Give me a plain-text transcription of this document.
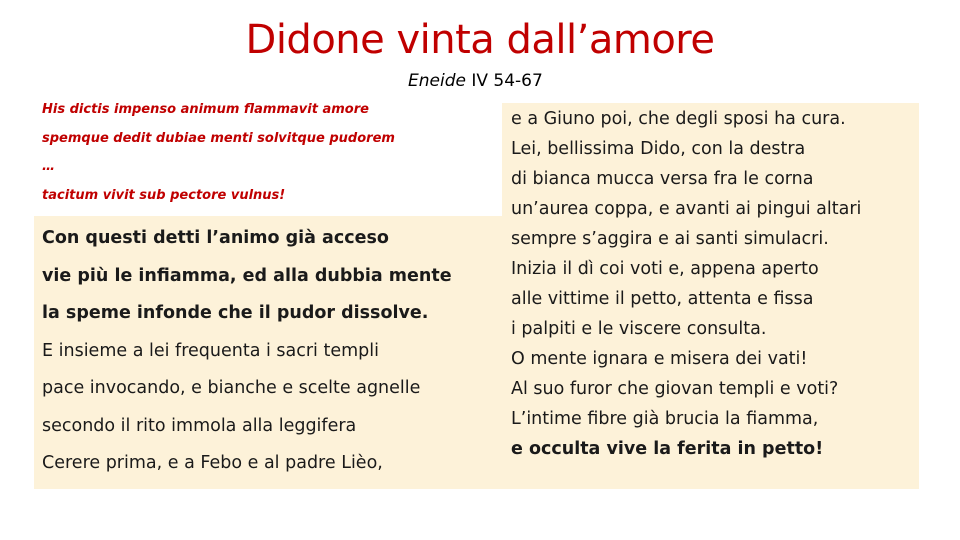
Didone vinta dall’amore
Eneide IV 54-67
His dictis impenso animum flammavit amore
spemque dedit dubiae menti solvitque pudorem
…
tacitum vivit sub pectore vulnus!
Con questi detti l’animo già acceso
vie più le infiamma, ed alla dubbia mente
la speme infonde che il pudor dissolve.
E insieme a lei frequenta i sacri templi
pace invocando, e bianche e scelte agnelle
secondo il rito immola alla leggifera
Cerere prima, e a Febo e al padre Lièo,
e a Giuno poi, che degli sposi ha cura.
Lei, bellissima Dido, con la destra
di bianca mucca versa fra le corna
un’aurea coppa, e avanti ai pingui altari
sempre s’aggira e ai santi simulacri.
Inizia il dì coi voti e, appena aperto
alle vittime il petto, attenta e fissa
i palpiti e le viscere consulta.
O mente ignara e misera dei vati!
Al suo furor che giovan templi e voti?
L’intime fibre già brucia la fiamma,
e occulta vive la ferita in petto!
